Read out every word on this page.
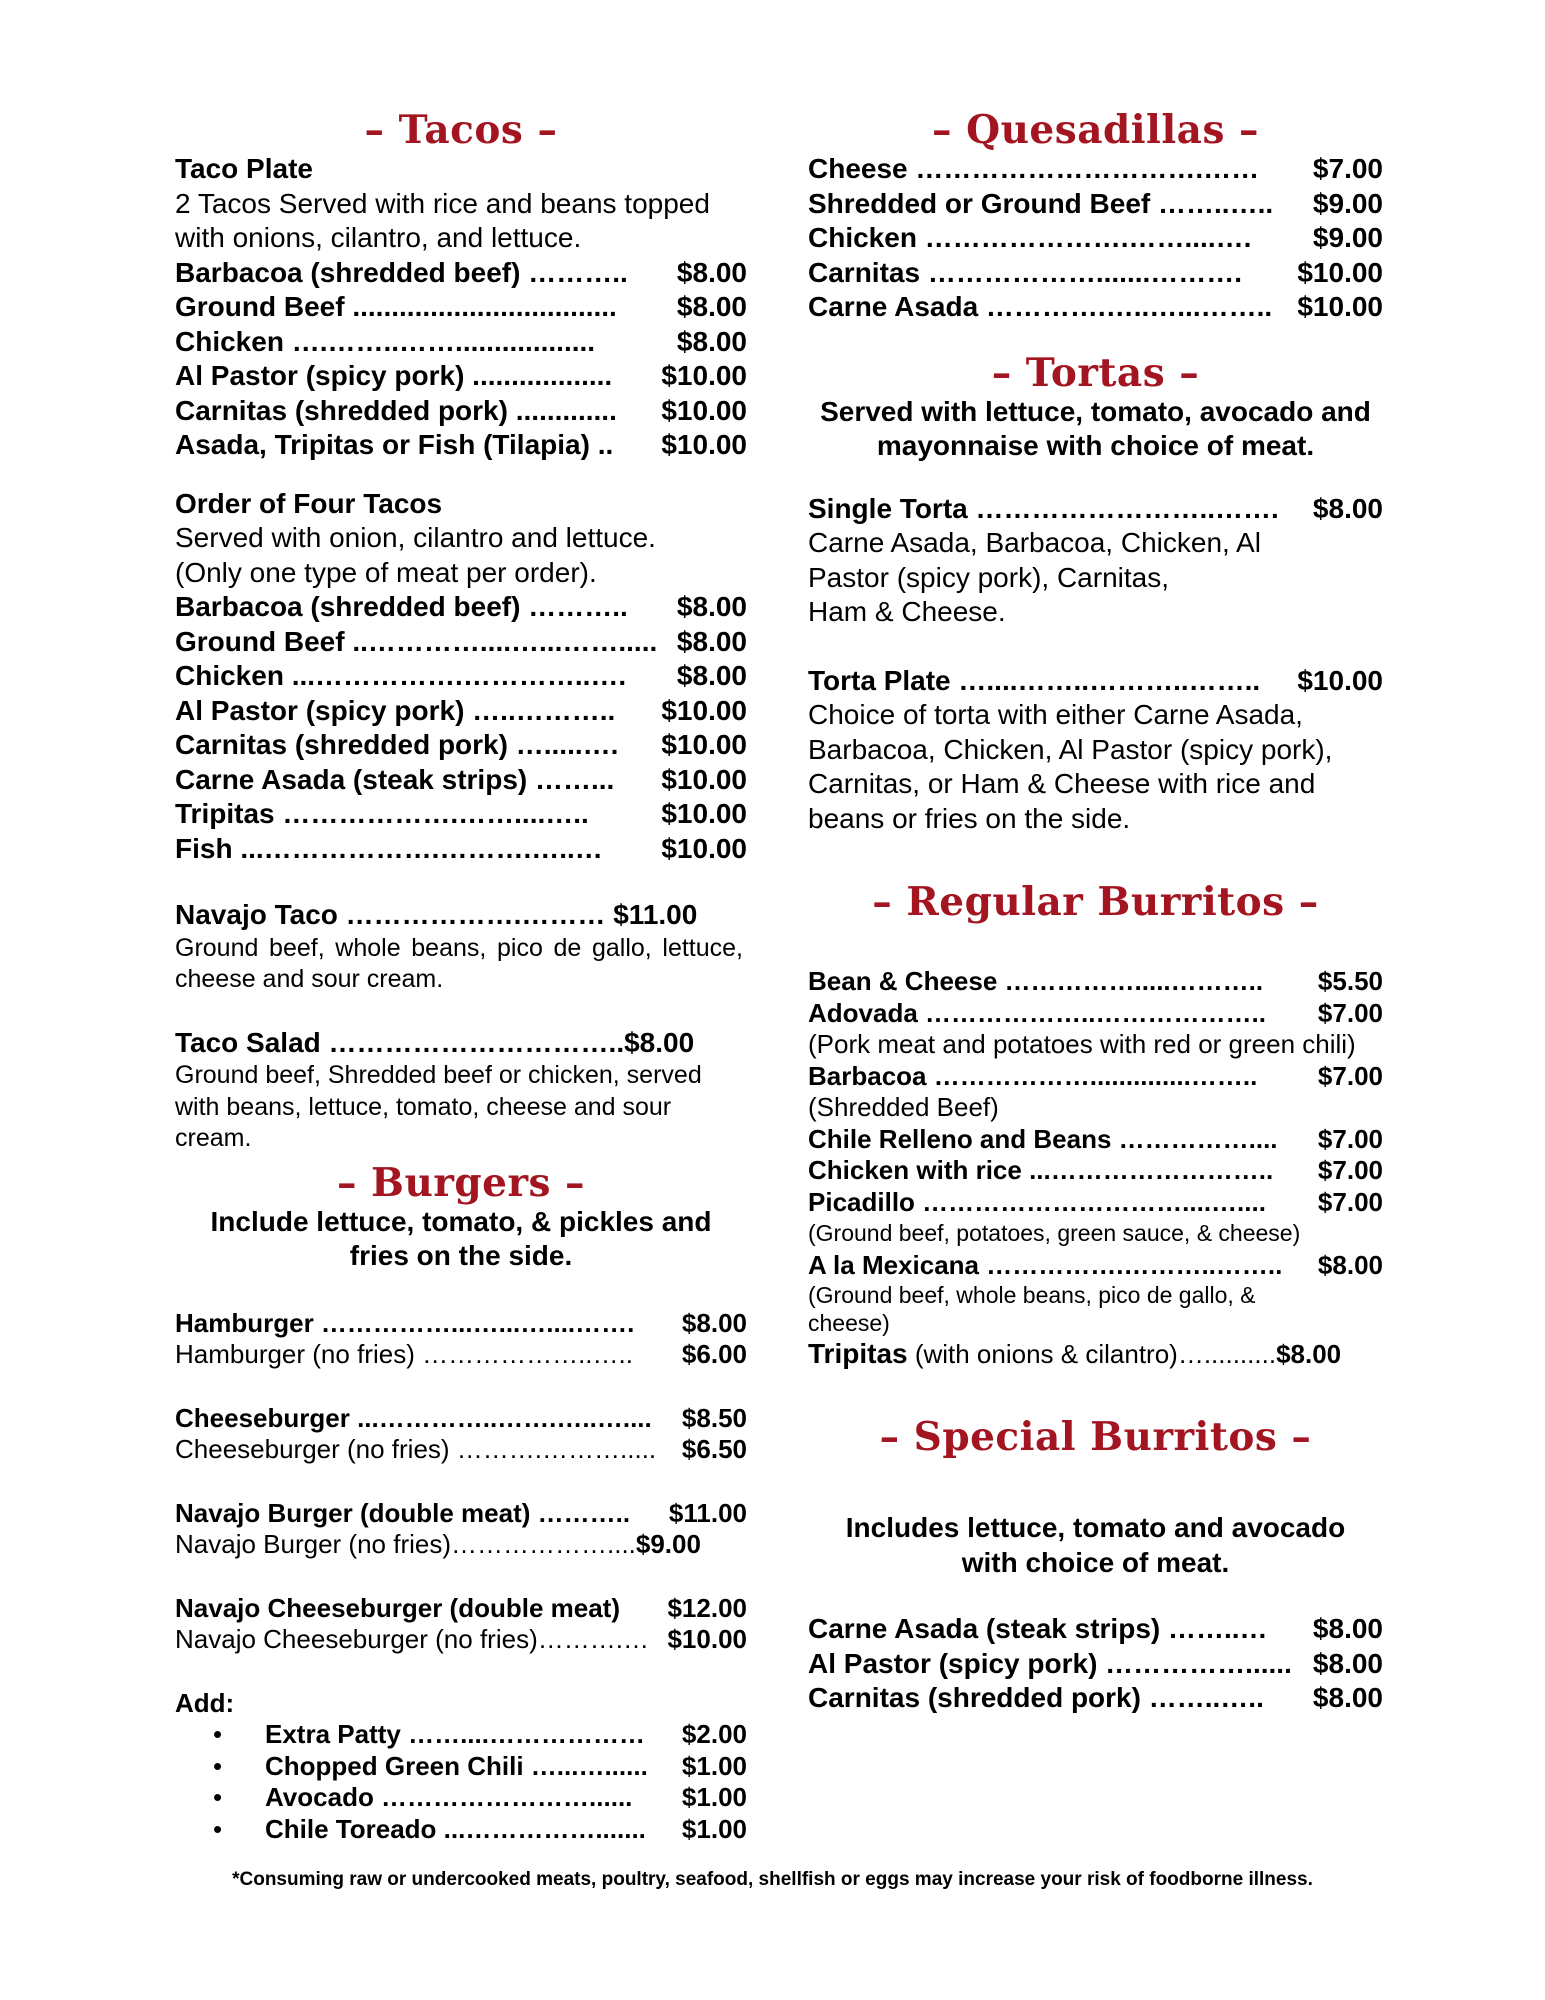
– Tacos –
Taco Plate
2 Tacos Served with rice and beans topped with onions, cilantro, and lettuce.
Barbacoa (shredded beef) ……….. $8.00
Ground Beef .................................. $8.00
Chicken ….……..……..................	$8.00
Al Pastor (spicy pork) .................. $10.00
Carnitas (shredded pork) ............. $10.00
Asada, Tripitas or Fish (Tilapia) .. $10.00
Order of Four Tacos
Served with onion, cilantro and lettuce.
(Only one type of meat per order).
Barbacoa (shredded beef) ……….. $8.00
Ground Beef ..…………....…...……..... $8.00
Chicken ...…………….…………..…. $8.00
Al Pastor (spicy pork) …..……….. $10.00
Carnitas (shredded pork) ….....…. $10.00
Carne Asada (steak strips) ……... $10.00
Tripitas ……………….……....…..	$10.00
Fish ...……………….……….…..… $10.00
Navajo Taco ……………….……… $11.00
Ground beef, whole beans, pico de gallo, lettuce, cheese and sour cream.
Taco Salad …………………………..$8.00
Ground beef, Shredded beef or chicken, served with beans, lettuce, tomato, cheese and sour cream.
– Burgers –
Include lettuce, tomato, & pickles and fries on the side.
Hamburger ……………...…...…....……. $8.00
Hamburger (no fries) ………………..….. $6.00
Cheeseburger ...…………..…….…..….... $8.50
Cheeseburger (no fries) ……….………..... $6.50
Navajo Burger (double meat) ……….. $11.00
Navajo Burger (no fries)………………....$9.00
Navajo Cheeseburger (double meat) $12.00
Navajo Cheeseburger (no fries)……….… $10.00
Add:
• Extra Patty ……....……………… $2.00
• Chopped Green Chili …...…...... $1.00
• Avocado ……………………...... $1.00
• Chile Toreado ...……………....... $1.00
– Quesadillas –
Cheese ………………………….…… $7.00
Shredded or Ground Beef ……..….. $9.00
Chicken ………………….……....…. $9.00
Carnitas ……………….......………. $10.00
Carne Asada ………….…..…...…….. $10.00
– Tortas –
Served with lettuce, tomato, avocado and mayonnaise with choice of meat.
Single Torta ……………………..……. $8.00
Carne Asada, Barbacoa, Chicken, Al
Pastor (spicy pork), Carnitas,
Ham & Cheese.
Torta Plate …....……..………..…….. $10.00
Choice of torta with either Carne Asada, Barbacoa, Chicken, Al Pastor (spicy pork), Carnitas, or Ham & Cheese with rice and beans or fries on the side.
– Regular Burritos –
Bean & Cheese …………….....……….. $5.50
Adovada ………………..……………….. $7.00
(Pork meat and potatoes with red or green chili)
Barbacoa ………………..............…….. $7.00
(Shredded Beef)
Chile Relleno and Beans …………….... $7.00
Chicken with rice ...…………………….. $7.00
Picadillo …………………………....….... $7.00
(Ground beef, potatoes, green sauce, & cheese)
A la Mexicana …………….………..…….. $8.00
(Ground beef, whole beans, pico de gallo, & cheese)
Tripitas (with onions & cilantro)…..........$8.00
– Special Burritos –
Includes lettuce, tomato and avocado with choice of meat.
Carne Asada (steak strips) ……..… $8.00
Al Pastor (spicy pork) ……………...... $8.00
Carnitas (shredded pork) ……..….. $8.00
*Consuming raw or undercooked meats, poultry, seafood, shellfish or eggs may increase your risk of foodborne illness.
